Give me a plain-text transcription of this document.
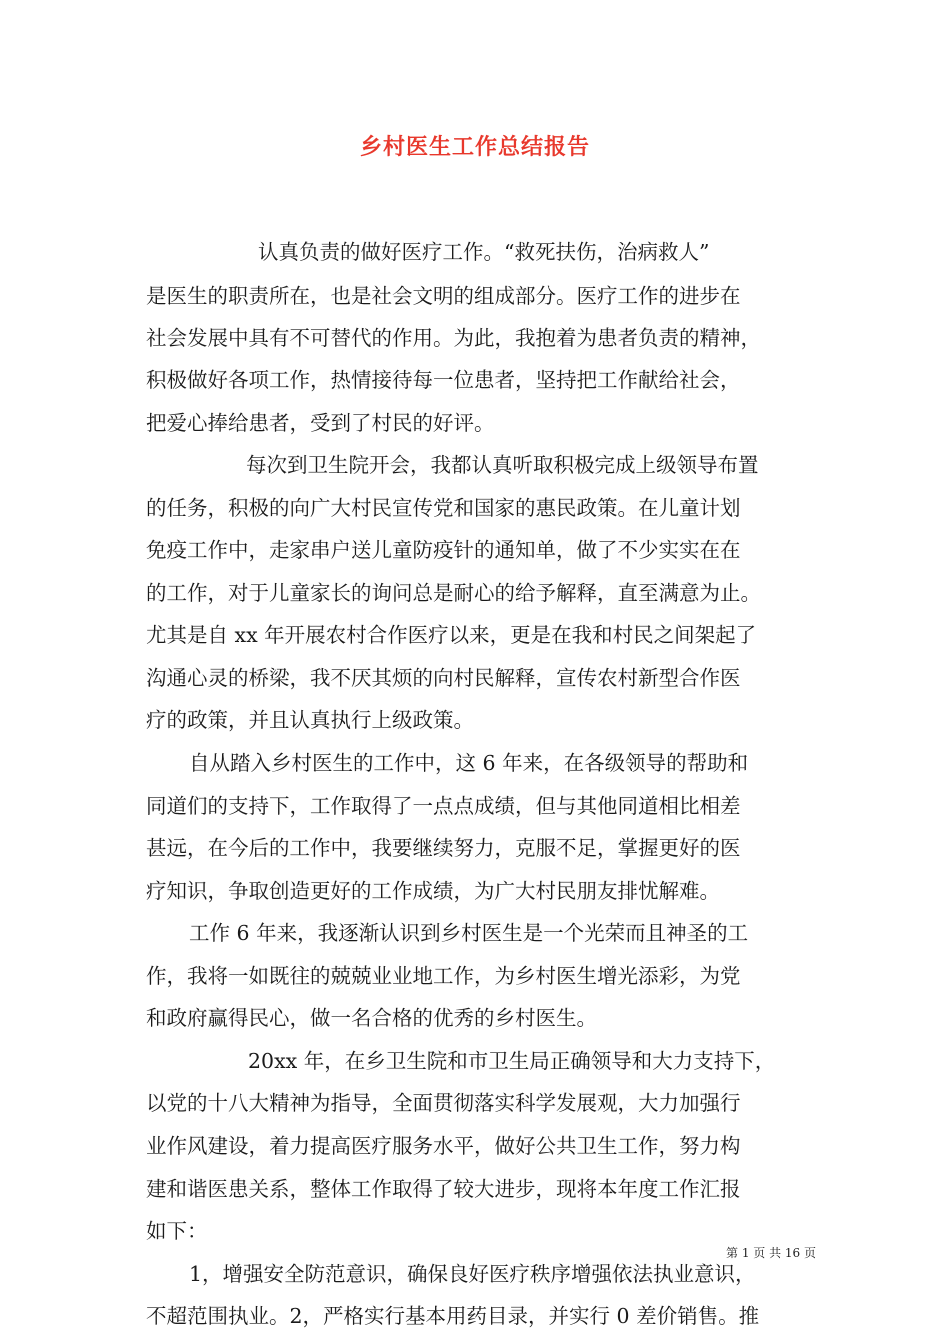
乡村医生工作总结报告
认真负责的做好医疗工作。“救死扶伤，治病救人”
是医生的职责所在，也是社会文明的组成部分。医疗工作的进步在
社会发展中具有不可替代的作用。为此，我抱着为患者负责的精神，
积极做好各项工作，热情接待每一位患者，坚持把工作献给社会，
把爱心捧给患者，受到了村民的好评。
每次到卫生院开会，我都认真听取积极完成上级领导布置
的任务，积极的向广大村民宣传党和国家的惠民政策。在儿童计划
免疫工作中，走家串户送儿童防疫针的通知单，做了不少实实在在
的工作，对于儿童家长的询问总是耐心的给予解释，直至满意为止。
尤其是自 xx 年开展农村合作医疗以来，更是在我和村民之间架起了
沟通心灵的桥梁，我不厌其烦的向村民解释，宣传农村新型合作医
疗的政策，并且认真执行上级政策。
自从踏入乡村医生的工作中，这 6 年来，在各级领导的帮助和
同道们的支持下，工作取得了一点点成绩，但与其他同道相比相差
甚远，在今后的工作中，我要继续努力，克服不足，掌握更好的医
疗知识，争取创造更好的工作成绩，为广大村民朋友排忧解难。
工作 6 年来，我逐渐认识到乡村医生是一个光荣而且神圣的工
作，我将一如既往的兢兢业业地工作，为乡村医生增光添彩，为党
和政府赢得民心，做一名合格的优秀的乡村医生。
20xx 年，在乡卫生院和市卫生局正确领导和大力支持下，
以党的十八大精神为指导，全面贯彻落实科学发展观，大力加强行
业作风建设，着力提高医疗服务水平，做好公共卫生工作，努力构
建和谐医患关系，整体工作取得了较大进步，现将本年度工作汇报
如下：
1，增强安全防范意识，确保良好医疗秩序增强依法执业意识，
不超范围执业。2，严格实行基本用药目录，并实行 0 差价销售。推
第 1 页 共 16 页
